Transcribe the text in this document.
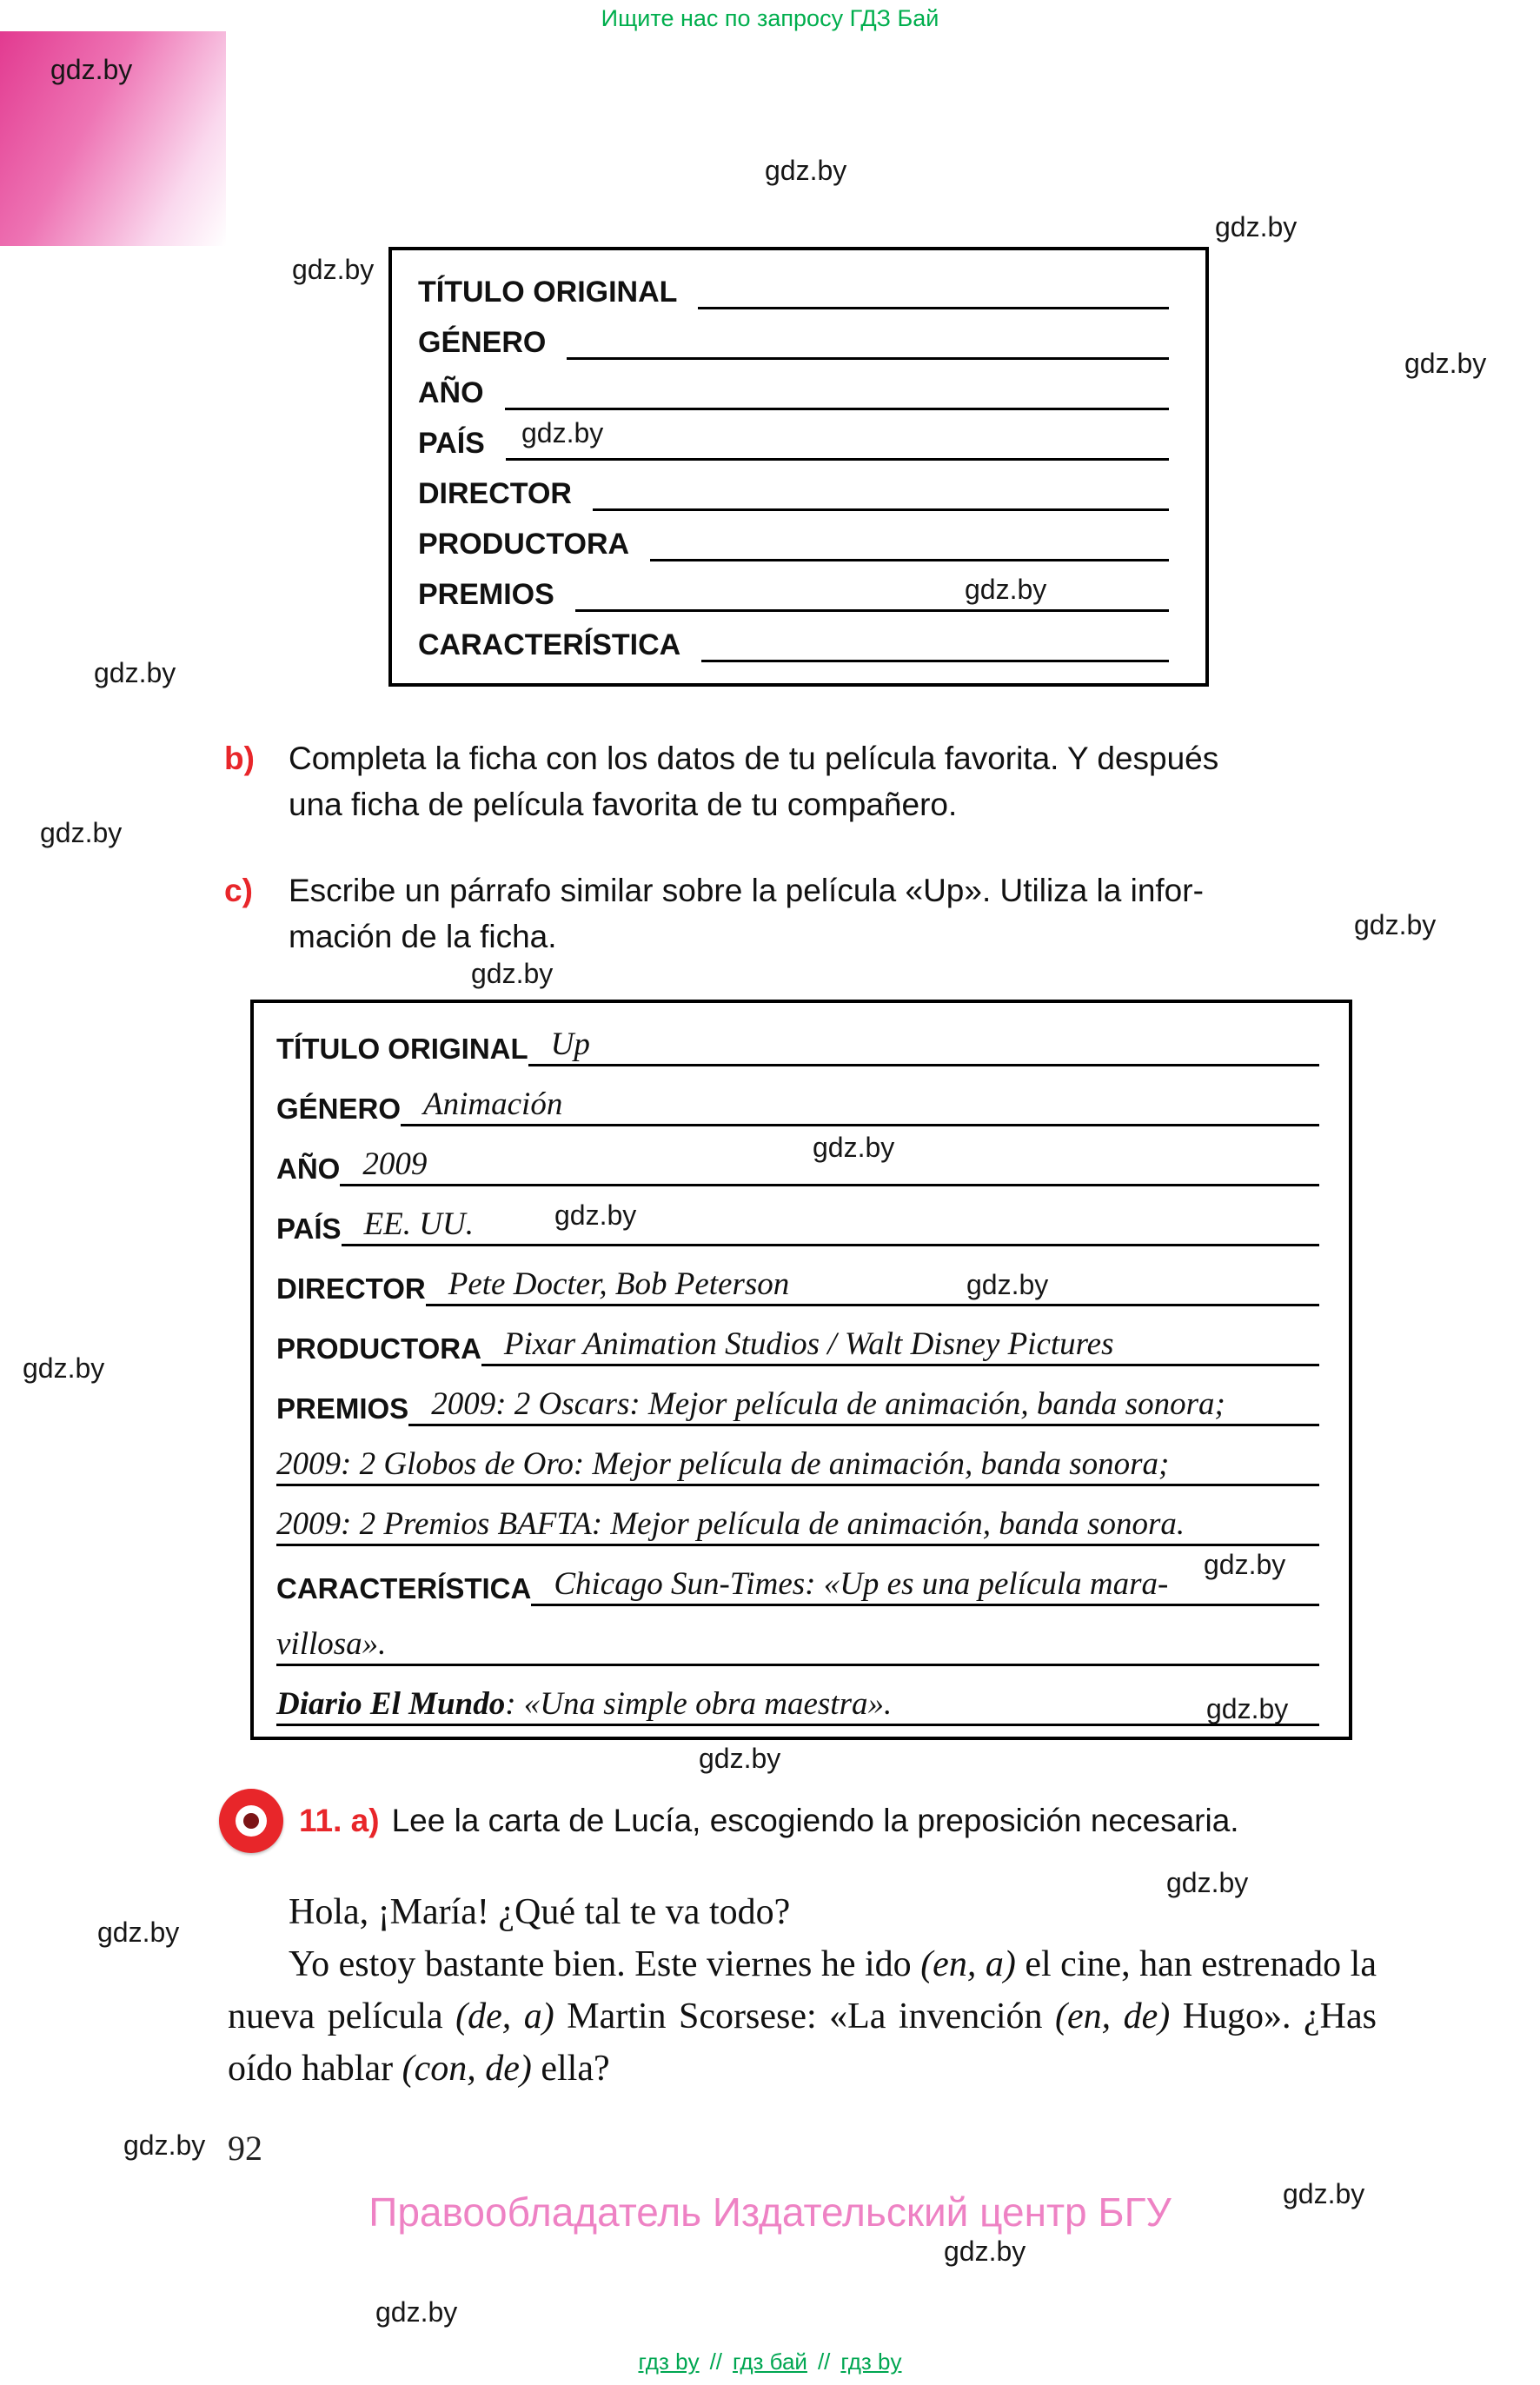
Ищите нас по запросу ГДЗ Бай
TÍTULO ORIGINAL
GÉNERO
AÑO
PAÍS
DIRECTOR
PRODUCTORA
PREMIOS
CARACTERÍSTICA
b)	Completa la ficha con los datos de tu película favorita. Y después
una ficha de película favorita de tu compañero.
c)	Escribe un párrafo similar sobre la película «Up». Utiliza la infor-
mación de la ficha.
TÍTULO ORIGINAL Up
GÉNERO Animación
AÑO 2009
PAÍS EE. UU.
DIRECTOR Pete Docter, Bob Peterson
PRODUCTORA Pixar Animation Studios / Walt Disney Pictures
PREMIOS 2009: 2 Oscars: Mejor película de animación, banda sonora;
2009: 2 Globos de Oro: Mejor película de animación, banda sonora;
2009: 2 Premios BAFTA: Mejor película de animación, banda sonora.
CARACTERÍSTICA Chicago Sun-Times: «Up es una película mara-
villosa».
Diario El Mundo: «Una simple obra maestra».
11. a) Lee la carta de Lucía, escogiendo la preposición necesaria.

Hola, ¡María! ¿Qué tal te va todo?

Yo estoy bastante bien. Este viernes he ido (en, a) el cine, han estrenado la nueva película (de, a) Martin Scorsese: «La invención (en, de) Hugo». ¿Has oído hablar (con, de) ella?

92
Правообладатель Издательский центр БГУ
гдз by // гдз бай // гдз by
gdz.by
gdz.by
gdz.by
gdz.by
gdz.by
gdz.by
gdz.by
gdz.by
gdz.by
gdz.by
gdz.by
gdz.by
gdz.by
gdz.by
gdz.by
gdz.by
gdz.by
gdz.by
gdz.by
gdz.by
gdz.by
gdz.by
gdz.by
gdz.by
